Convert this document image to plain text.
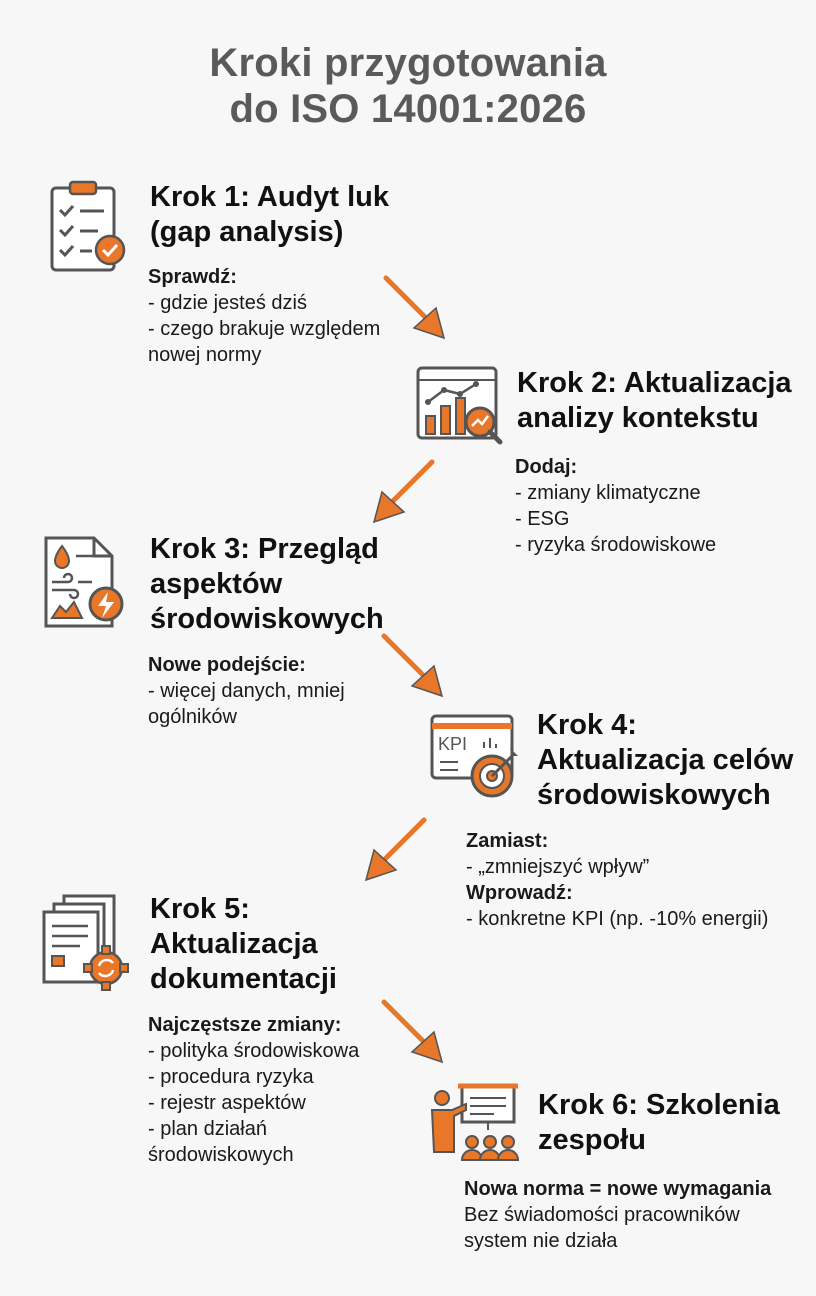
Kroki przygotowania
do ISO 14001:2026
Krok 1: Audyt luk
(gap analysis)
Sprawdź:
- gdzie jesteś dziś
- czego brakuje względem
nowej normy
Krok 2: Aktualizacja
analizy kontekstu
Dodaj:
- zmiany klimatyczne
- ESG
- ryzyka środowiskowe
Krok 3: Przegląd
aspektów
środowiskowych
Nowe podejście:
- więcej danych, mniej
ogólników
KPI
Krok 4:
Aktualizacja celów
środowiskowych
Zamiast:
- „zmniejszyć wpływ”
Wprowadź:
- konkretne KPI (np. -10% energii)
Krok 5:
Aktualizacja
dokumentacji
Najczęstsze zmiany:
- polityka środowiskowa
- procedura ryzyka
- rejestr aspektów
- plan działań
środowiskowych
Krok 6: Szkolenia
zespołu
Nowa norma = nowe wymagania
Bez świadomości pracowników
system nie działa
